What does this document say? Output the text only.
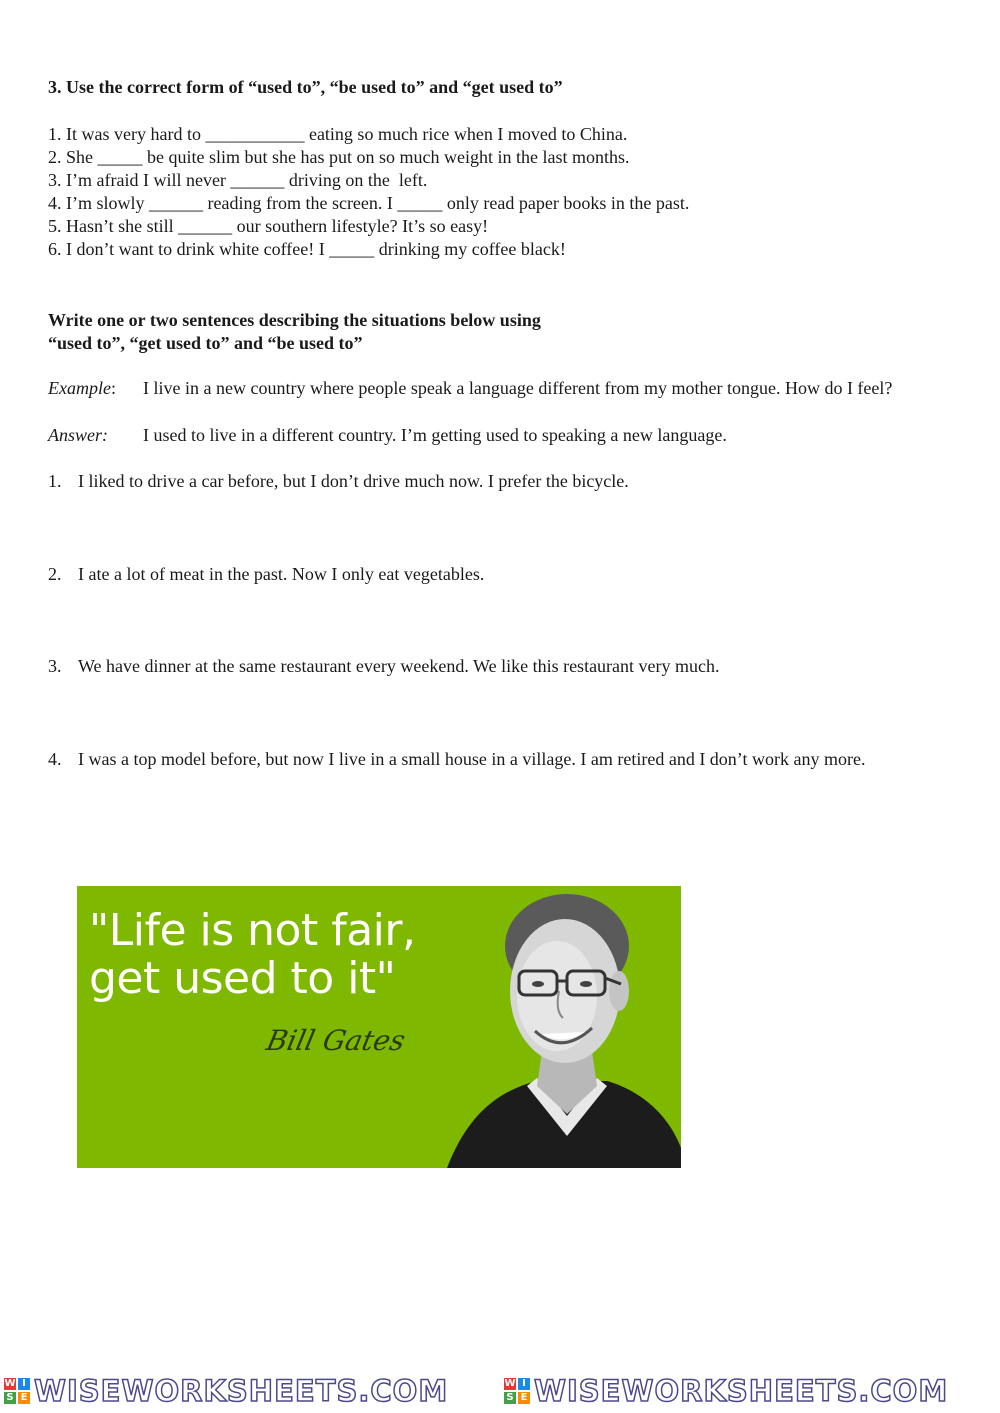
3. Use the correct form of “used to”, “be used to” and “get used to”
1. It was very hard to ___________ eating so much rice when I moved to China.
2. She _____ be quite slim but she has put on so much weight in the last months.
3. I’m afraid I will never ______ driving on the  left.
4. I’m slowly ______ reading from the screen. I _____ only read paper books in the past.
5. Hasn’t she still ______ our southern lifestyle? It’s so easy!
6. I don’t want to drink white coffee! I _____ drinking my coffee black!
Write one or two sentences describing the situations below using
“used to”, “get used to” and “be used to”
Example: I live in a new country where people speak a language different from my mother tongue. How do I feel?
Answer: I used to live in a different country. I’m getting used to speaking a new language.
1. I liked to drive a car before, but I don’t drive much now. I prefer the bicycle.
2. I ate a lot of meat in the past. Now I only eat vegetables.
3. We have dinner at the same restaurant every weekend. We like this restaurant very much.
4. I was a top model before, but now I live in a small house in a village. I am retired and I don’t work any more.
"Life is not fair,
get used to it"
Bill Gates
W I
S E WISEWORKSHEETS.COM	W I
S E WISEWORKSHEETS.COM
